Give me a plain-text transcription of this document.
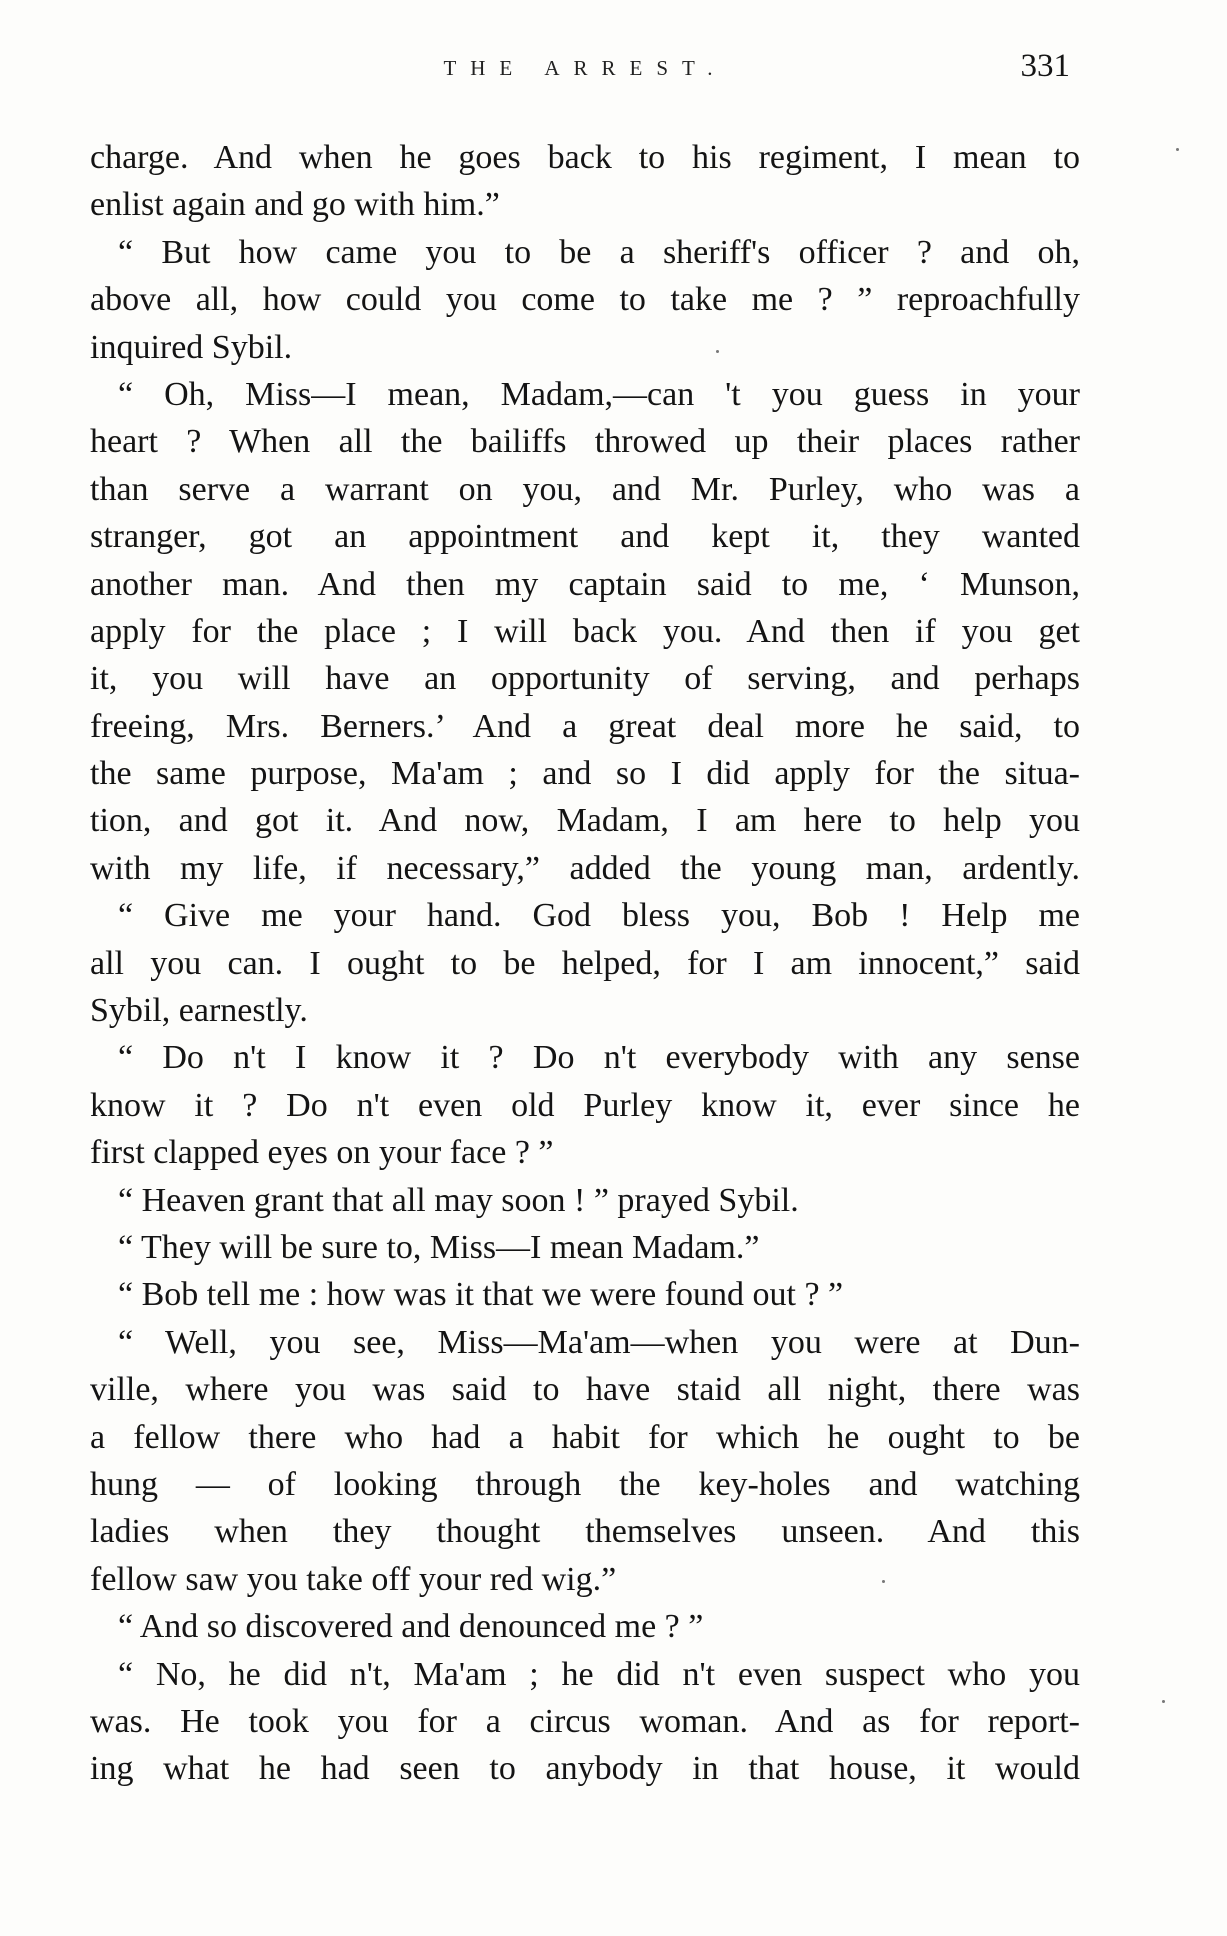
THE ARREST.	331
charge. And when he goes back to his regiment, I mean to
enlist again and go with him.”
“ But how came you to be a sheriff's officer ? and oh,
above all, how could you come to take me ? ” reproachfully
inquired Sybil.
“ Oh, Miss—I mean, Madam,—can 't you guess in your
heart ? When all the bailiffs throwed up their places rather
than serve a warrant on you, and Mr. Purley, who was a
stranger, got an appointment and kept it, they wanted
another man. And then my captain said to me, ‘ Munson,
apply for the place ; I will back you. And then if you get
it, you will have an opportunity of serving, and perhaps
freeing, Mrs. Berners.’ And a great deal more he said, to
the same purpose, Ma'am ; and so I did apply for the situa-
tion, and got it. And now, Madam, I am here to help you
with my life, if necessary,” added the young man, ardently.
“ Give me your hand. God bless you, Bob ! Help me
all you can. I ought to be helped, for I am innocent,” said
Sybil, earnestly.
“ Do n't I know it ? Do n't everybody with any sense
know it ? Do n't even old Purley know it, ever since he
first clapped eyes on your face ? ”
“ Heaven grant that all may soon ! ” prayed Sybil.
“ They will be sure to, Miss—I mean Madam.”
“ Bob tell me : how was it that we were found out ? ”
“ Well, you see, Miss—Ma'am—when you were at Dun-
ville, where you was said to have staid all night, there was
a fellow there who had a habit for which he ought to be
hung — of looking through the key-holes and watching
ladies when they thought themselves unseen. And this
fellow saw you take off your red wig.”
“ And so discovered and denounced me ? ”
“ No, he did n't, Ma'am ; he did n't even suspect who you
was. He took you for a circus woman. And as for report-
ing what he had seen to anybody in that house, it would
